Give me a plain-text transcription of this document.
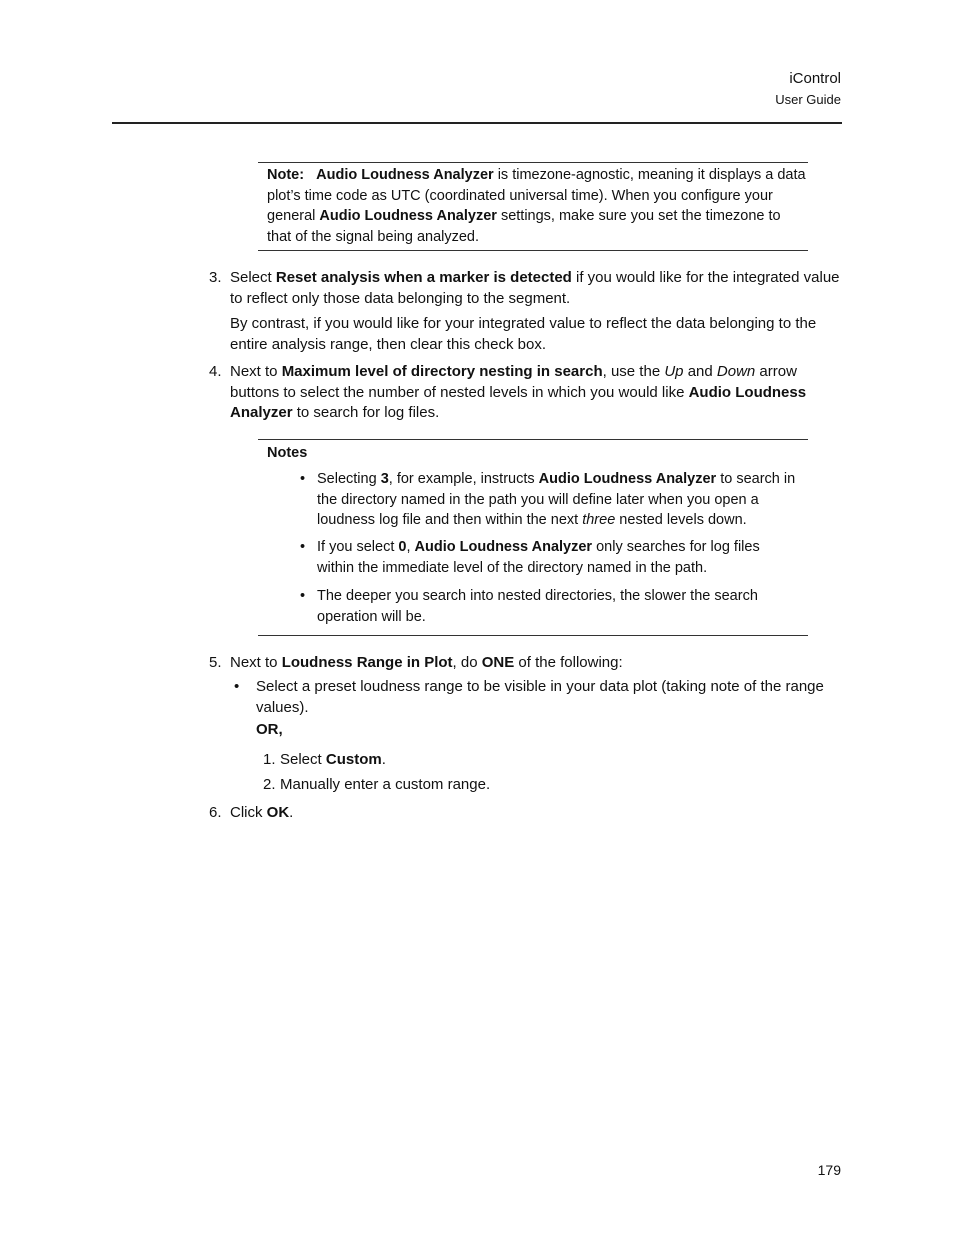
iControl
User Guide
Note: Audio Loudness Analyzer is timezone-agnostic, meaning it displays a data plot’s time code as UTC (coordinated universal time). When you configure your general Audio Loudness Analyzer settings, make sure you set the timezone to that of the signal being analyzed.
3. Select Reset analysis when a marker is detected if you would like for the integrated value to reflect only those data belonging to the segment.
By contrast, if you would like for your integrated value to reflect the data belonging to the entire analysis range, then clear this check box.
4. Next to Maximum level of directory nesting in search, use the Up and Down arrow buttons to select the number of nested levels in which you would like Audio Loudness Analyzer to search for log files.
Notes
• Selecting 3, for example, instructs Audio Loudness Analyzer to search in the directory named in the path you will define later when you open a loudness log file and then within the next three nested levels down.
• If you select 0, Audio Loudness Analyzer only searches for log files within the immediate level of the directory named in the path.
• The deeper you search into nested directories, the slower the search operation will be.
5. Next to Loudness Range in Plot, do ONE of the following:
• Select a preset loudness range to be visible in your data plot (taking note of the range values).
OR,
1. Select Custom.
2. Manually enter a custom range.
6. Click OK.
179
